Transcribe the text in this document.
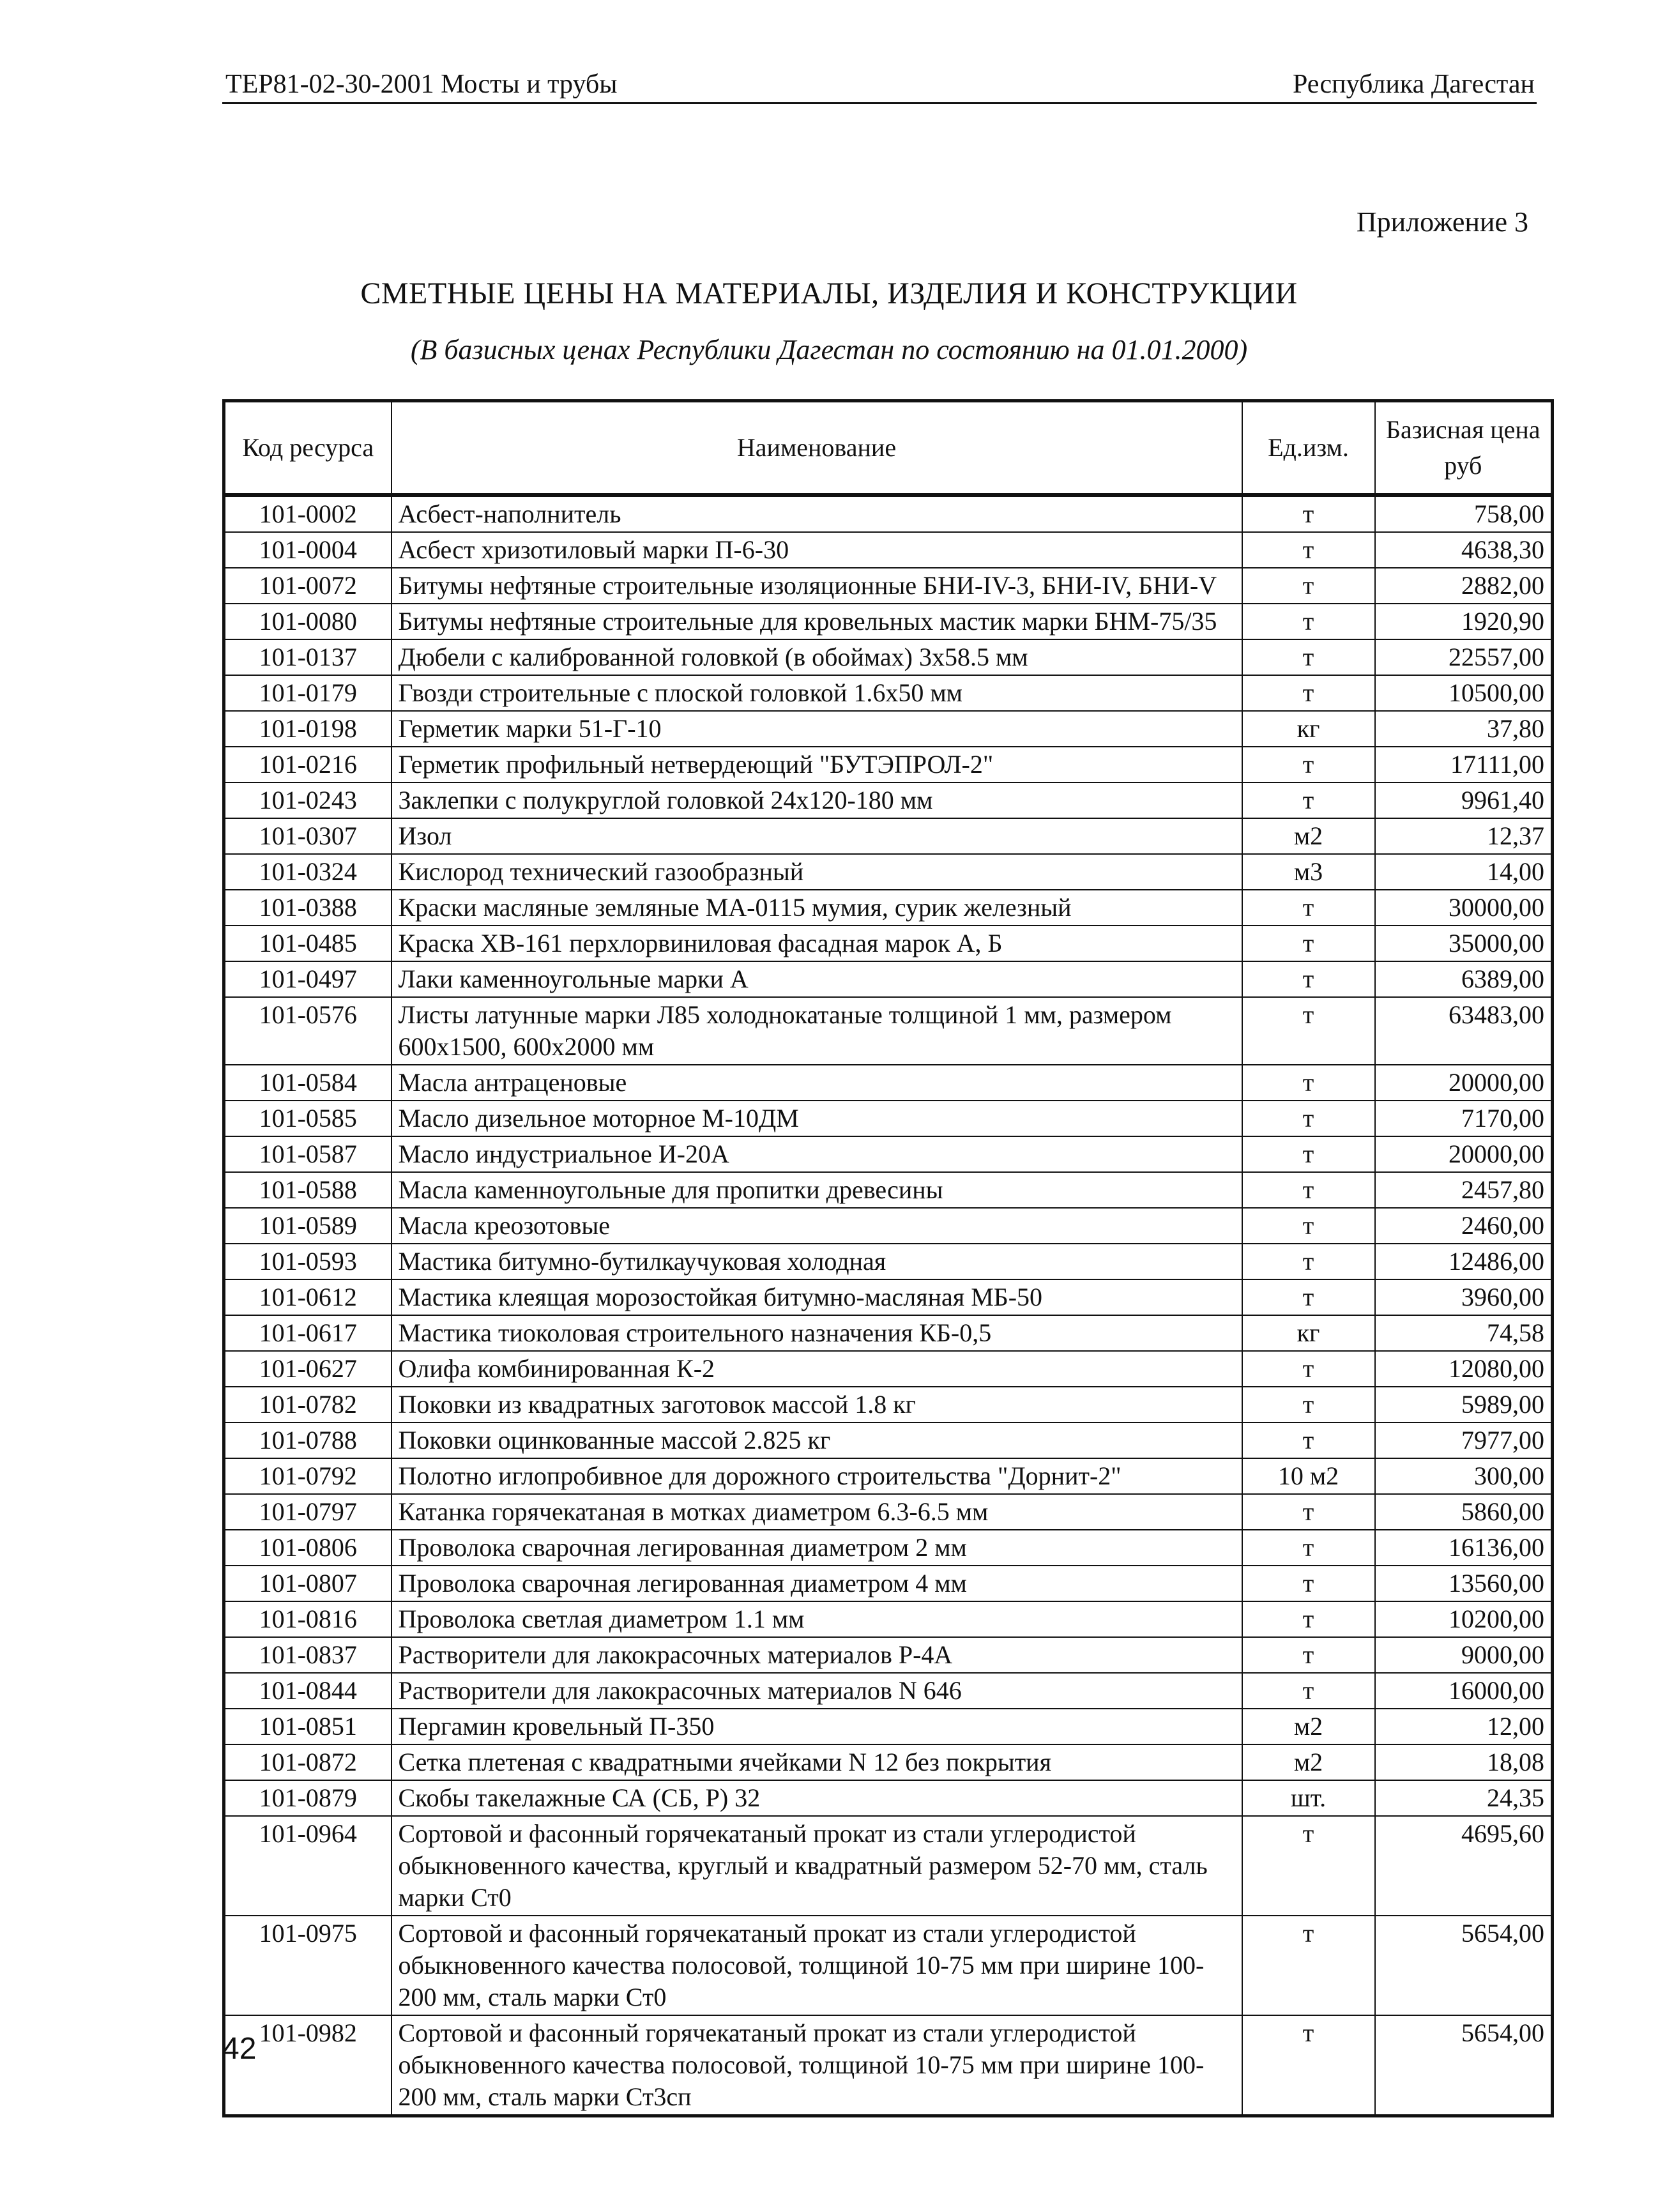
ТЕР81-02-30-2001 Мосты и трубы	Республика Дагестан
Приложение 3
СМЕТНЫЕ ЦЕНЫ НА МАТЕРИАЛЫ, ИЗДЕЛИЯ И КОНСТРУКЦИИ
(В базисных ценах Республики Дагестан по состоянию на 01.01.2000)
Код ресурса	Наименование	Ед.изм.	Базисная цена
руб

101-0002	Асбест-наполнитель	т	758,00
101-0004	Асбест хризотиловый марки П-6-30	т	4638,30
101-0072	Битумы нефтяные строительные изоляционные БНИ-IV-3, БНИ-IV, БНИ-V	т	2882,00
101-0080	Битумы нефтяные строительные для кровельных мастик марки БНМ-75/35	т	1920,90
101-0137	Дюбели с калиброванной головкой (в обоймах) 3х58.5 мм	т	22557,00
101-0179	Гвозди строительные с плоской головкой 1.6х50 мм	т	10500,00
101-0198	Герметик марки 51-Г-10	кг	37,80
101-0216	Герметик профильный нетвердеющий "БУТЭПРОЛ-2"	т	17111,00
101-0243	Заклепки с полукруглой головкой 24х120-180 мм	т	9961,40
101-0307	Изол	м2	12,37
101-0324	Кислород технический газообразный	м3	14,00
101-0388	Краски масляные земляные МА-0115 мумия, сурик железный	т	30000,00
101-0485	Краска ХВ-161 перхлорвиниловая фасадная марок А, Б	т	35000,00
101-0497	Лаки каменноугольные марки А	т	6389,00
101-0576	Листы латунные марки Л85 холоднокатаные толщиной 1 мм, размером 600х1500, 600х2000 мм	т	63483,00
101-0584	Масла антраценовые	т	20000,00
101-0585	Масло дизельное моторное М-10ДМ	т	7170,00
101-0587	Масло индустриальное И-20А	т	20000,00
101-0588	Масла каменноугольные для пропитки древесины	т	2457,80
101-0589	Масла креозотовые	т	2460,00
101-0593	Мастика битумно-бутилкаучуковая холодная	т	12486,00
101-0612	Мастика клеящая морозостойкая битумно-масляная МБ-50	т	3960,00
101-0617	Мастика тиоколовая строительного назначения КБ-0,5	кг	74,58
101-0627	Олифа комбинированная К-2	т	12080,00
101-0782	Поковки из квадратных заготовок массой 1.8 кг	т	5989,00
101-0788	Поковки оцинкованные массой 2.825 кг	т	7977,00
101-0792	Полотно иглопробивное для дорожного строительства "Дорнит-2"	10 м2	300,00
101-0797	Катанка горячекатаная в мотках диаметром 6.3-6.5 мм	т	5860,00
101-0806	Проволока сварочная легированная диаметром 2 мм	т	16136,00
101-0807	Проволока сварочная легированная диаметром 4 мм	т	13560,00
101-0816	Проволока светлая диаметром 1.1 мм	т	10200,00
101-0837	Растворители для лакокрасочных материалов Р-4А	т	9000,00
101-0844	Растворители для лакокрасочных материалов N 646	т	16000,00
101-0851	Пергамин кровельный П-350	м2	12,00
101-0872	Сетка плетеная с квадратными ячейками N 12 без покрытия	м2	18,08
101-0879	Скобы такелажные СА (СБ, Р) 32	шт.	24,35
101-0964	Сортовой и фасонный горячекатаный прокат из стали углеродистой обыкновенного качества, круглый и квадратный размером 52-70 мм, сталь марки Ст0	т	4695,60
101-0975	Сортовой и фасонный горячекатаный прокат из стали углеродистой обыкновенного качества полосовой, толщиной 10-75 мм при ширине 100-200 мм, сталь марки Ст0	т	5654,00
101-0982	Сортовой и фасонный горячекатаный прокат из стали углеродистой обыкновенного качества полосовой, толщиной 10-75 мм при ширине 100-200 мм, сталь марки Ст3сп	т	5654,00
42
